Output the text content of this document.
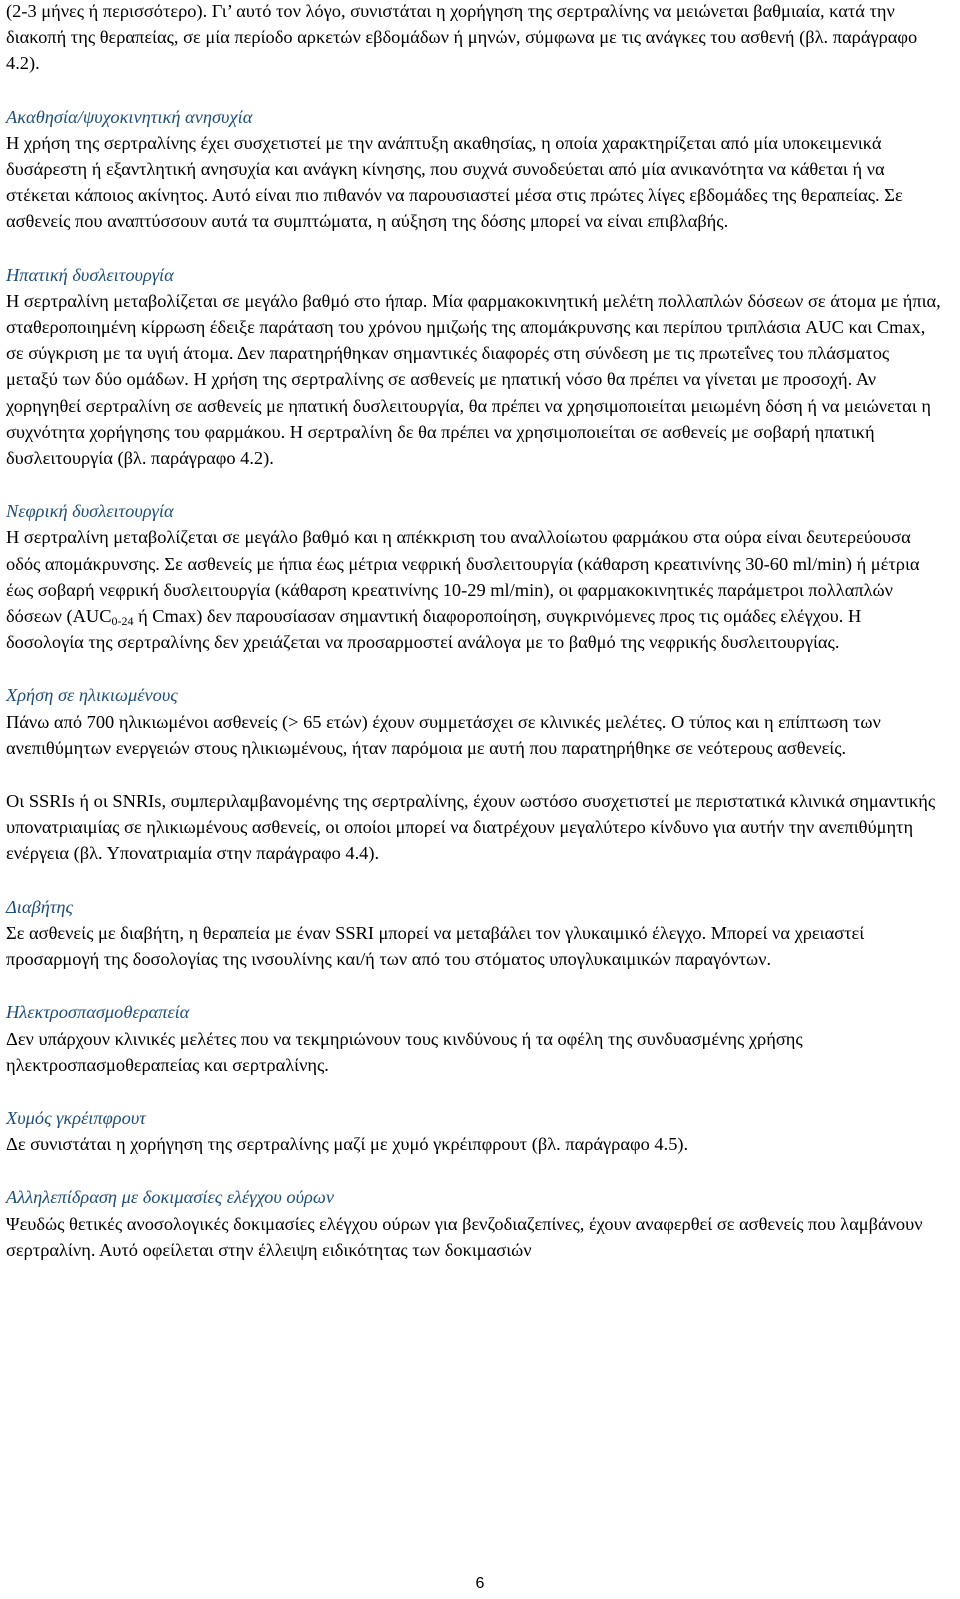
(2-3 μήνες ή περισσότερο). Γι’ αυτό τον λόγο, συνιστάται η χορήγηση της σερτραλίνης να μειώνεται βαθμιαία, κατά την διακοπή της θεραπείας, σε μία περίοδο αρκετών εβδομάδων ή μηνών, σύμφωνα με τις ανάγκες του ασθενή (βλ. παράγραφο 4.2).

Ακαθησία/ψυχοκινητική ανησυχία

Η χρήση της σερτραλίνης έχει συσχετιστεί με την ανάπτυξη ακαθησίας, η οποία χαρακτηρίζεται από μία υποκειμενικά δυσάρεστη ή εξαντλητική ανησυχία και ανάγκη κίνησης, που συχνά συνοδεύεται από μία ανικανότητα να κάθεται ή να στέκεται κάποιος ακίνητος. Αυτό είναι πιο πιθανόν να παρουσιαστεί μέσα στις πρώτες λίγες εβδομάδες της θεραπείας. Σε ασθενείς που αναπτύσσουν αυτά τα συμπτώματα, η αύξηση της δόσης μπορεί να είναι επιβλαβής.

Ηπατική δυσλειτουργία

Η σερτραλίνη μεταβολίζεται σε μεγάλο βαθμό στο ήπαρ. Μία φαρμακοκινητική μελέτη πολλαπλών δόσεων σε άτομα με ήπια, σταθεροποιημένη κίρρωση έδειξε παράταση του χρόνου ημιζωής της απομάκρυνσης και περίπου τριπλάσια AUC και Cmax, σε σύγκριση με τα υγιή άτομα. Δεν παρατηρήθηκαν σημαντικές διαφορές στη σύνδεση με τις πρωτεΐνες του πλάσματος μεταξύ των δύο ομάδων. Η χρήση της σερτραλίνης σε ασθενείς με ηπατική νόσο θα πρέπει να γίνεται με προσοχή. Αν χορηγηθεί σερτραλίνη σε ασθενείς με ηπατική δυσλειτουργία, θα πρέπει να χρησιμοποιείται μειωμένη δόση ή να μειώνεται η συχνότητα χορήγησης του φαρμάκου. Η σερτραλίνη δε θα πρέπει να χρησιμοποιείται σε ασθενείς με σοβαρή ηπατική δυσλειτουργία (βλ. παράγραφο 4.2).

Νεφρική δυσλειτουργία

Η σερτραλίνη μεταβολίζεται σε μεγάλο βαθμό και η απέκκριση του αναλλοίωτου φαρμάκου στα ούρα είναι δευτερεύουσα οδός απομάκρυνσης. Σε ασθενείς με ήπια έως μέτρια νεφρική δυσλειτουργία (κάθαρση κρεατινίνης 30-60 ml/min) ή μέτρια έως σοβαρή νεφρική δυσλειτουργία (κάθαρση κρεατινίνης 10-29 ml/min), οι φαρμακοκινητικές παράμετροι πολλαπλών δόσεων ($AUC_{0-24}$ ή Cmax) δεν παρουσίασαν σημαντική διαφοροποίηση, συγκρινόμενες προς τις ομάδες ελέγχου. Η δοσολογία της σερτραλίνης δεν χρειάζεται να προσαρμοστεί ανάλογα με το βαθμό της νεφρικής δυσλειτουργίας.

Χρήση σε ηλικιωμένους

Πάνω από 700 ηλικιωμένοι ασθενείς (> 65 ετών) έχουν συμμετάσχει σε κλινικές μελέτες. Ο τύπος και η επίπτωση των ανεπιθύμητων ενεργειών στους ηλικιωμένους, ήταν παρόμοια με αυτή που παρατηρήθηκε σε νεότερους ασθενείς.

Οι SSRIs ή οι SNRIs, συμπεριλαμβανομένης της σερτραλίνης, έχουν ωστόσο συσχετιστεί με περιστατικά κλινικά σημαντικής υπονατριαιμίας σε ηλικιωμένους ασθενείς, οι οποίοι μπορεί να διατρέχουν μεγαλύτερο κίνδυνο για αυτήν την ανεπιθύμητη ενέργεια (βλ. Υπονατριαμία στην παράγραφο 4.4).

Διαβήτης

Σε ασθενείς με διαβήτη, η θεραπεία με έναν SSRI μπορεί να μεταβάλει τον γλυκαιμικό έλεγχο. Μπορεί να χρειαστεί προσαρμογή της δοσολογίας της ινσουλίνης και/ή των από του στόματος υπογλυκαιμικών παραγόντων.

Ηλεκτροσπασμοθεραπεία

Δεν υπάρχουν κλινικές μελέτες που να τεκμηριώνουν τους κινδύνους ή τα οφέλη της συνδυασμένης χρήσης ηλεκτροσπασμοθεραπείας και σερτραλίνης.

Χυμός γκρέιπφρουτ

Δε συνιστάται η χορήγηση της σερτραλίνης μαζί με χυμό γκρέιπφρουτ (βλ. παράγραφο 4.5).

Αλληλεπίδραση με δοκιμασίες ελέγχου ούρων

Ψευδώς θετικές ανοσολογικές δοκιμασίες ελέγχου ούρων για βενζοδιαζεπίνες, έχουν αναφερθεί σε ασθενείς που λαμβάνουν σερτραλίνη. Αυτό οφείλεται στην έλλειψη ειδικότητας των δοκιμασιών

6
